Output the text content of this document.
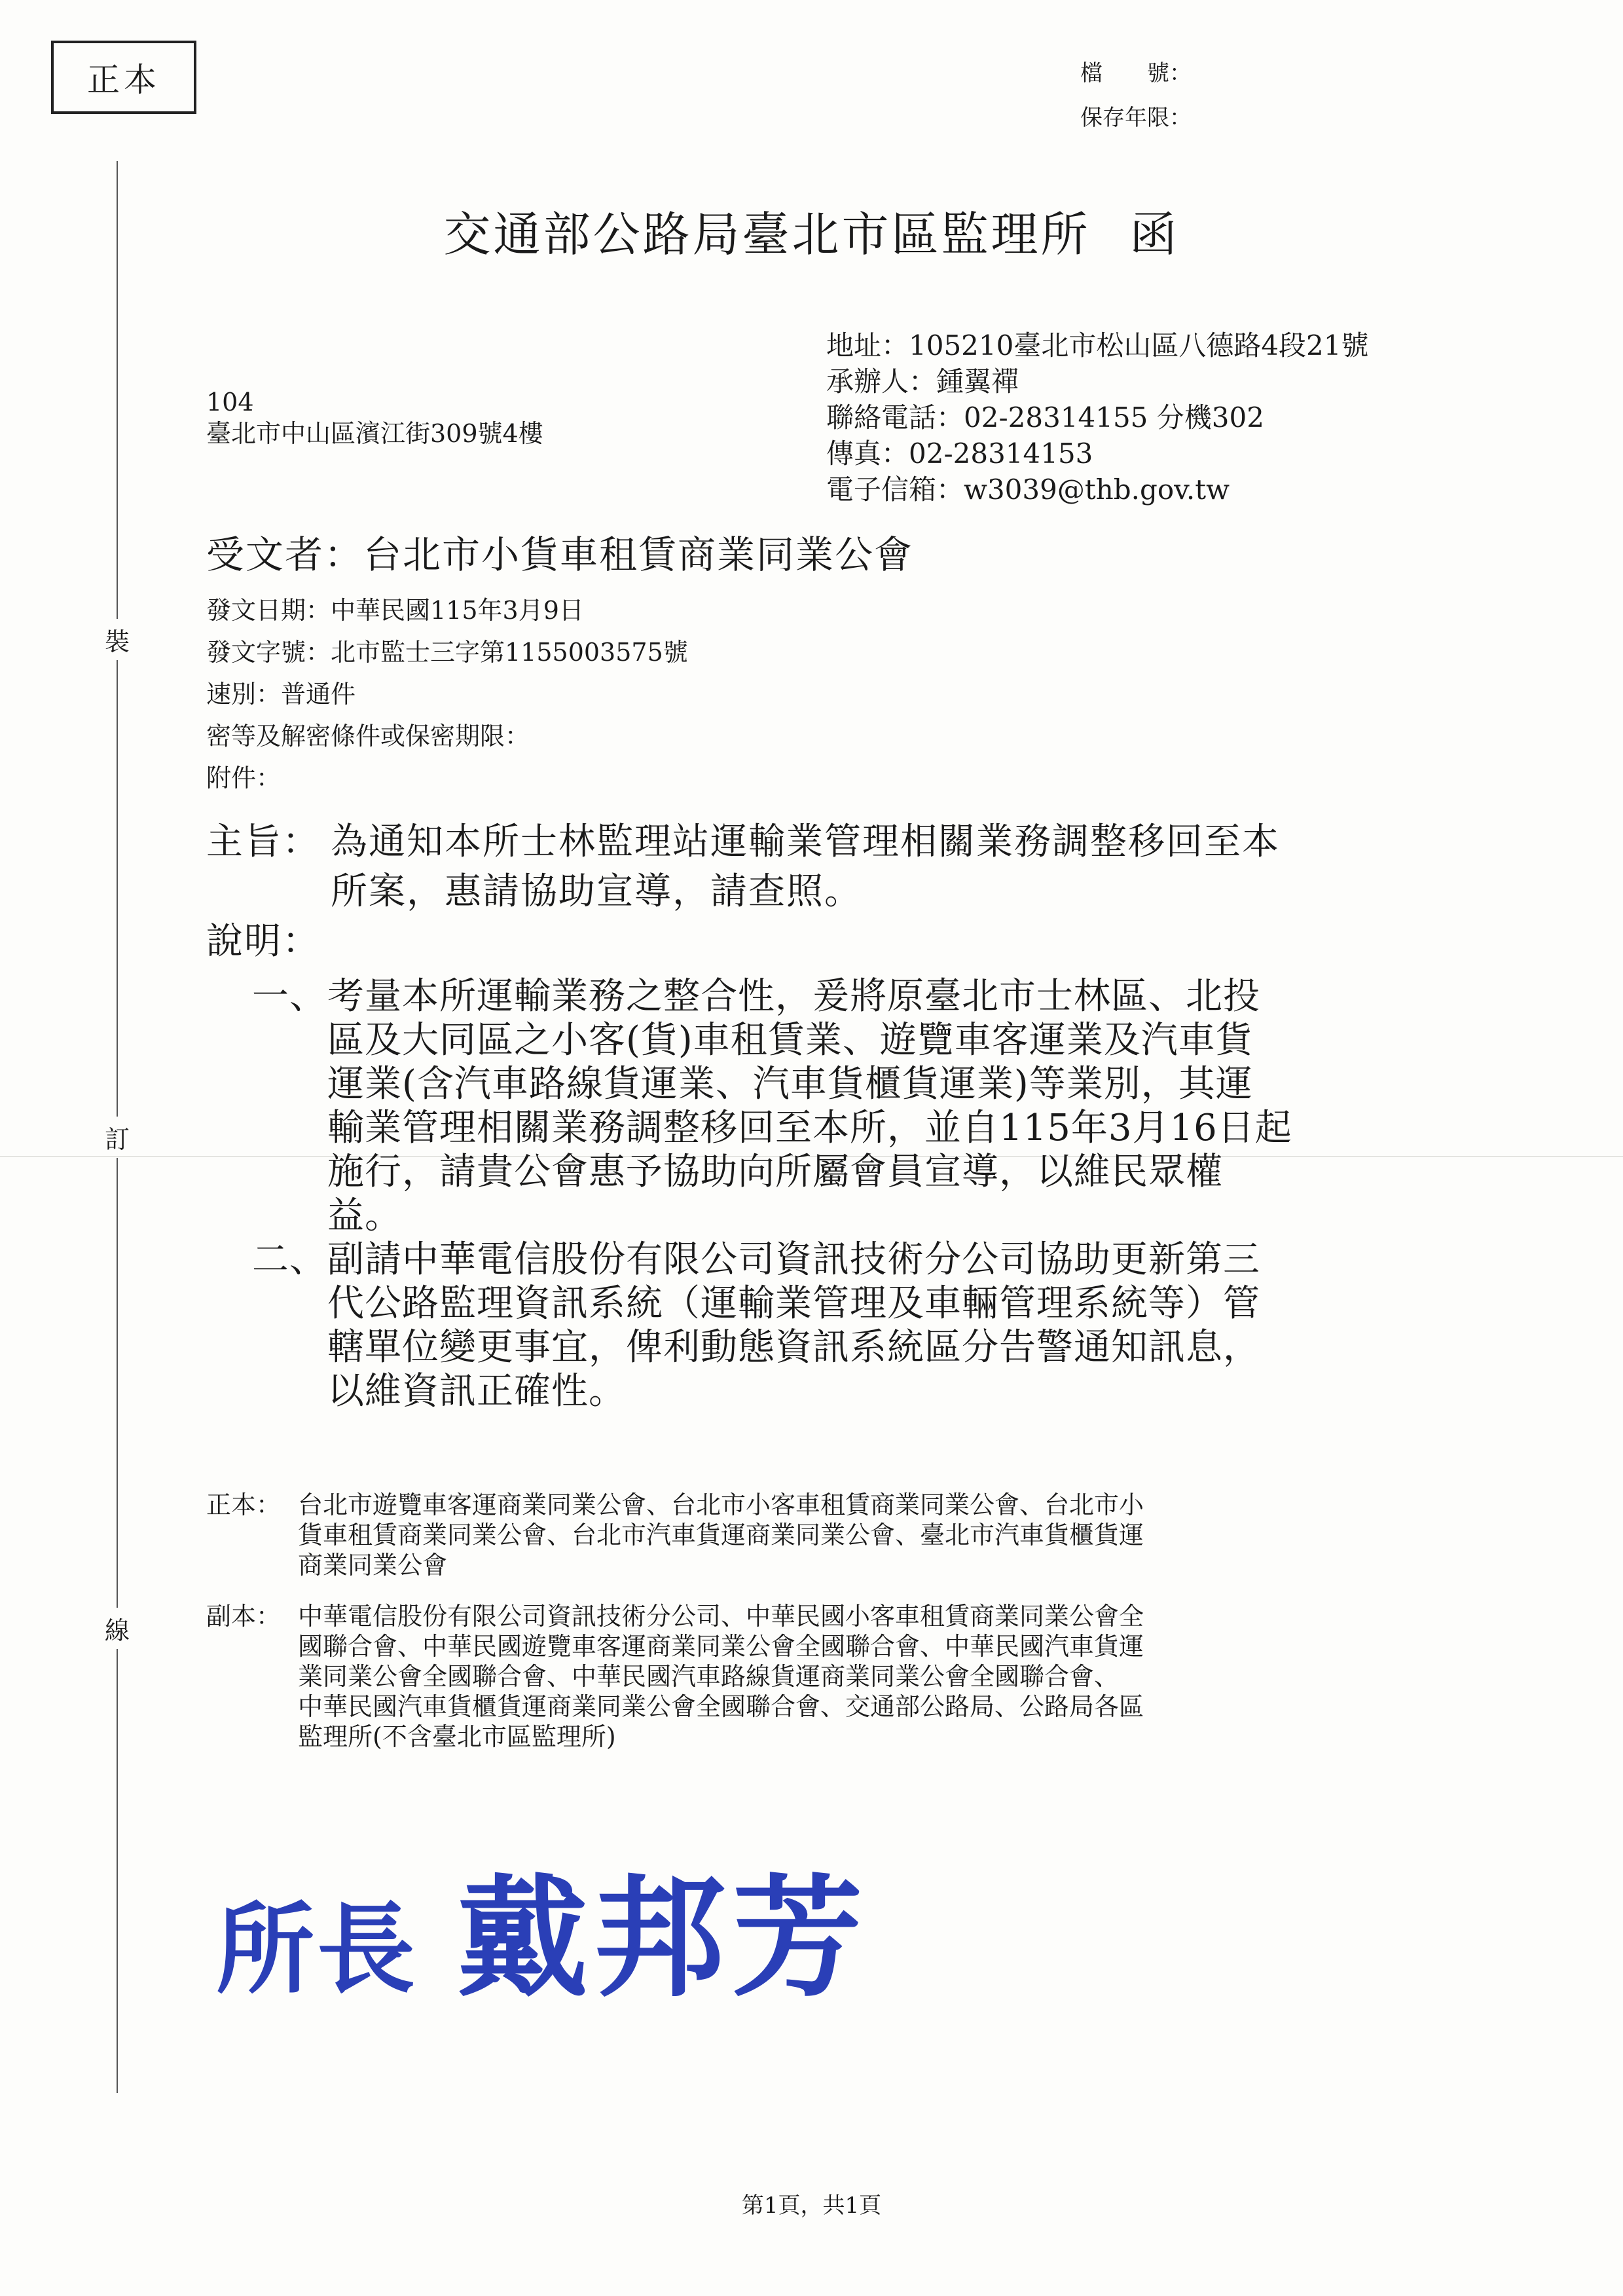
正本	檔　　號：
保存年限：
裝
訂
線
交通部公路局臺北市區監理所 函
地址：105210臺北市松山區八德路4段21號
承辦人：鍾翼禪
聯絡電話：02-28314155 分機302
傳真：02-28314153
電子信箱：w3039@thb.gov.tw
104
臺北市中山區濱江街309號4樓
受文者：台北市小貨車租賃商業同業公會
發文日期：中華民國115年3月9日
發文字號：北市監士三字第1155003575號
速別：普通件
密等及解密條件或保密期限：
附件：
主旨： 為通知本所士林監理站運輸業管理相關業務調整移回至本
所案，惠請協助宣導，請查照。
說明：
一、 考量本所運輸業務之整合性，爰將原臺北市士林區、北投
區及大同區之小客(貨)車租賃業、遊覽車客運業及汽車貨
運業(含汽車路線貨運業、汽車貨櫃貨運業)等業別，其運
輸業管理相關業務調整移回至本所，並自115年3月16日起
施行，請貴公會惠予協助向所屬會員宣導，以維民眾權
益。
二、 副請中華電信股份有限公司資訊技術分公司協助更新第三
代公路監理資訊系統（運輸業管理及車輛管理系統等）管
轄單位變更事宜，俾利動態資訊系統區分告警通知訊息，
以維資訊正確性。
正本： 台北市遊覽車客運商業同業公會、台北市小客車租賃商業同業公會、台北市小
貨車租賃商業同業公會、台北市汽車貨運商業同業公會、臺北市汽車貨櫃貨運
商業同業公會
副本： 中華電信股份有限公司資訊技術分公司、中華民國小客車租賃商業同業公會全
國聯合會、中華民國遊覽車客運商業同業公會全國聯合會、中華民國汽車貨運
業同業公會全國聯合會、中華民國汽車路線貨運商業同業公會全國聯合會、
中華民國汽車貨櫃貨運商業同業公會全國聯合會、交通部公路局、公路局各區
監理所(不含臺北市區監理所)
所長 戴邦芳
第1頁，共1頁
